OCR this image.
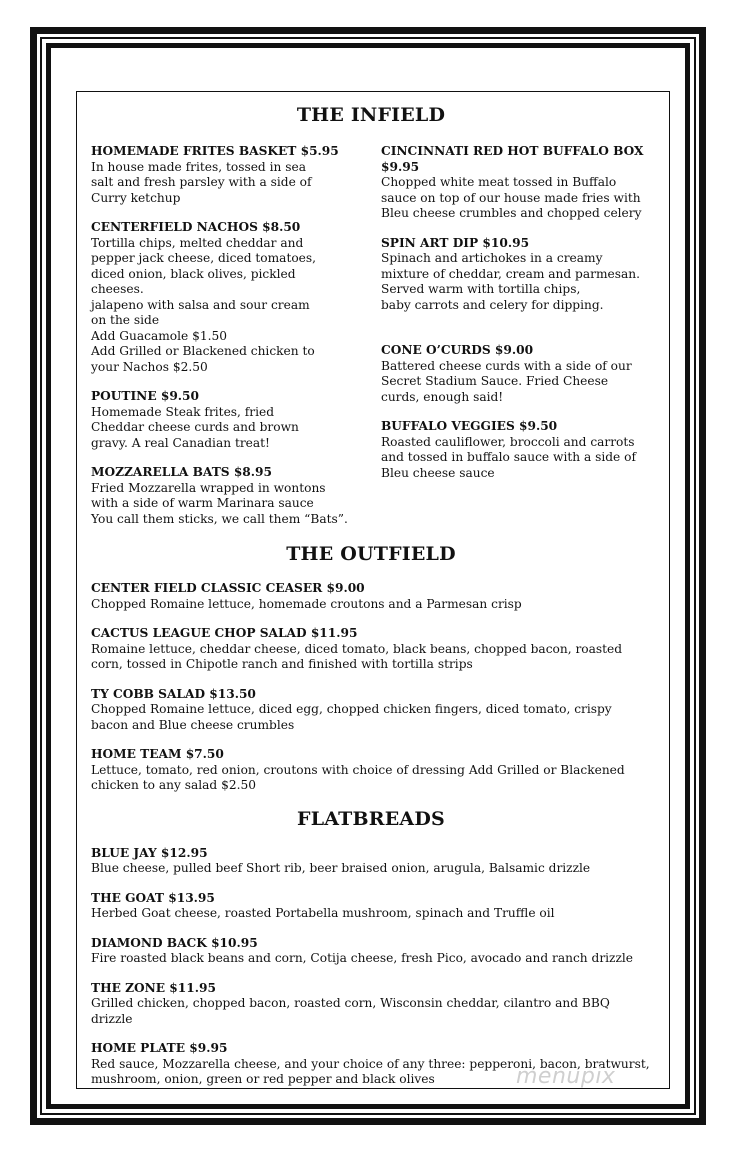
THE INFIELD
HOMEMADE FRITES BASKET $5.95
In house made frites, tossed in sea
salt and fresh parsley with a side of
Curry ketchup
CENTERFIELD NACHOS $8.50
Tortilla chips, melted cheddar and
pepper jack cheese, diced tomatoes,
diced onion, black olives, pickled cheeses.
jalapeno with salsa and sour cream
on the side
Add Guacamole $1.50
Add Grilled or Blackened chicken to
your Nachos $2.50
POUTINE $9.50
Homemade Steak frites, fried
Cheddar cheese curds and brown
gravy. A real Canadian treat!
MOZZARELLA BATS $8.95
Fried Mozzarella wrapped in wontons
with a side of warm Marinara sauce
You call them sticks, we call them “Bats”.
CINCINNATI RED HOT BUFFALO BOX $9.95
Chopped white meat tossed in Buffalo
sauce on top of our house made fries with
Bleu cheese crumbles and chopped celery
SPIN ART DIP $10.95
Spinach and artichokes in a creamy
mixture of cheddar, cream and parmesan.
Served warm with tortilla chips,
baby carrots and celery for dipping.
CONE O’CURDS $9.00
Battered cheese curds with a side of our
Secret Stadium Sauce. Fried Cheese
curds, enough said!
BUFFALO VEGGIES $9.50
Roasted cauliflower, broccoli and carrots
and tossed in buffalo sauce with a side of
Bleu cheese sauce
THE OUTFIELD
CENTER FIELD CLASSIC CEASER $9.00
Chopped Romaine lettuce, homemade croutons and a Parmesan crisp
CACTUS LEAGUE CHOP SALAD $11.95
Romaine lettuce, cheddar cheese, diced tomato, black beans, chopped bacon, roasted corn, tossed in Chipotle ranch and finished with tortilla strips
TY COBB SALAD $13.50
Chopped Romaine lettuce, diced egg, chopped chicken fingers, diced tomato, crispy bacon and Blue cheese crumbles
HOME TEAM $7.50
Lettuce, tomato, red onion, croutons with choice of dressing Add Grilled or Blackened chicken to any salad $2.50
FLATBREADS
BLUE JAY $12.95
Blue cheese, pulled beef Short rib, beer braised onion, arugula, Balsamic drizzle
THE GOAT $13.95
Herbed Goat cheese, roasted Portabella mushroom, spinach and Truffle oil
DIAMOND BACK $10.95
Fire roasted black beans and corn, Cotija cheese, fresh Pico, avocado and ranch drizzle
THE ZONE $11.95
Grilled chicken, chopped bacon, roasted corn, Wisconsin cheddar, cilantro and BBQ drizzle
HOME PLATE $9.95
Red sauce, Mozzarella cheese, and your choice of any three: pepperoni, bacon, bratwurst, mushroom, onion, green or red pepper and black olives	menupix
